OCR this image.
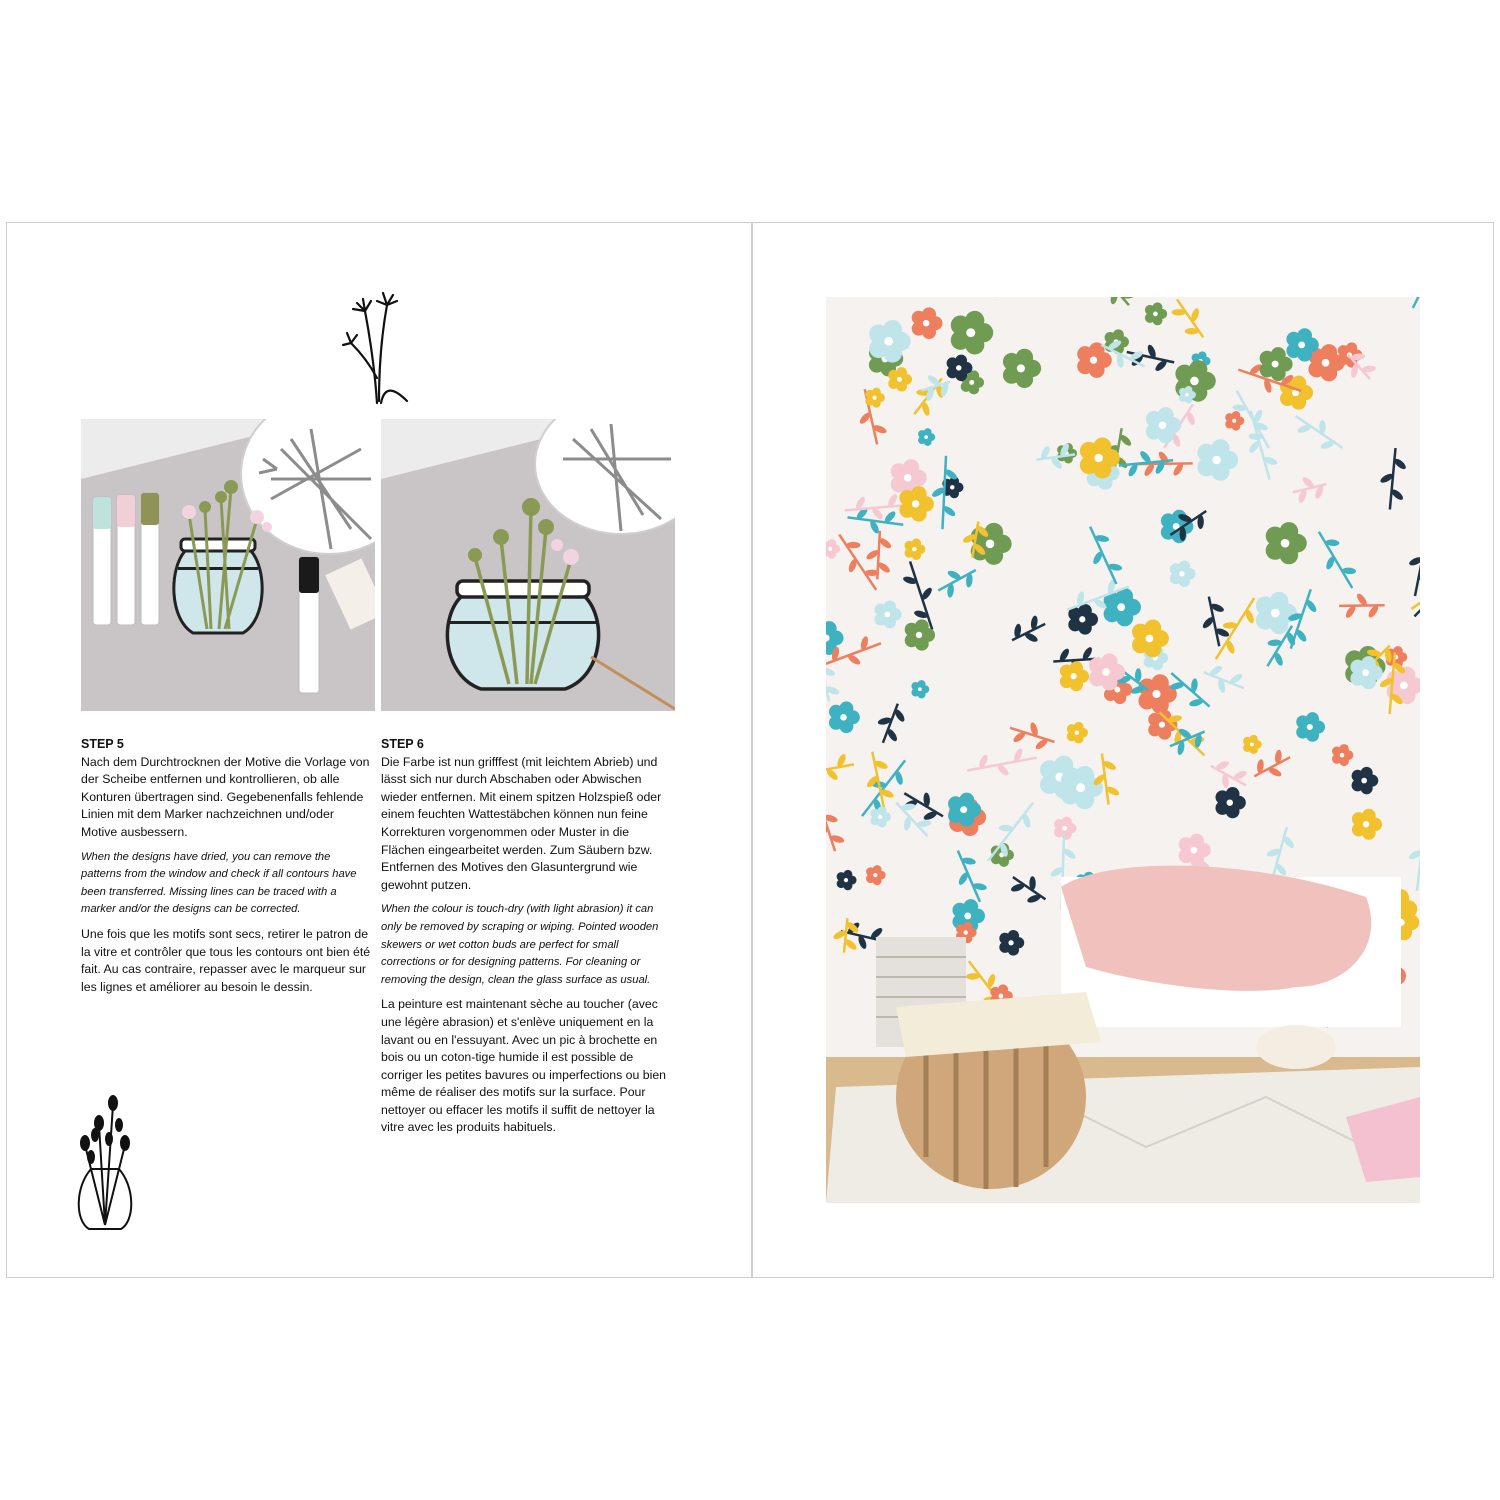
STEP 5

Nach dem Durchtrocknen der Motive die Vorlage von der Scheibe entfernen und kontrollieren, ob alle Konturen übertragen sind. Gegebenenfalls fehlende Linien mit dem Marker nachzeichnen und/oder Motive ausbessern.

When the designs have dried, you can remove the patterns from the window and check if all contours have been transferred. Missing lines can be traced with a marker and/or the designs can be corrected.

Une fois que les motifs sont secs, retirer le patron de la vitre et contrôler que tous les contours ont bien été fait. Au cas contraire, repasser avec le marqueur sur les lignes et améliorer au besoin le dessin.

STEP 6

Die Farbe ist nun grifffest (mit leichtem Abrieb) und lässt sich nur durch Abschaben oder Abwischen wieder entfernen. Mit einem spitzen Holzspieß oder einem feuchten Wattestäbchen können nun feine Korrekturen vorgenommen oder Muster in die Flächen eingearbeitet werden. Zum Säubern bzw. Entfernen des Motives den Glasuntergrund wie gewohnt putzen.

When the colour is touch-dry (with light abrasion) it can only be removed by scraping or wiping. Pointed wooden skewers or wet cotton buds are perfect for small corrections or for designing patterns. For cleaning or removing the design, clean the glass surface as usual.

La peinture est maintenant sèche au toucher (avec une légère abrasion) et s'enlève uniquement en la lavant ou en l'essuyant. Avec un pic à brochette en bois ou un coton-tige humide il est possible de corriger les petites bavures ou imperfections ou bien même de réaliser des motifs sur la surface. Pour nettoyer ou effacer les motifs il suffit de nettoyer la vitre avec les produits habituels.
